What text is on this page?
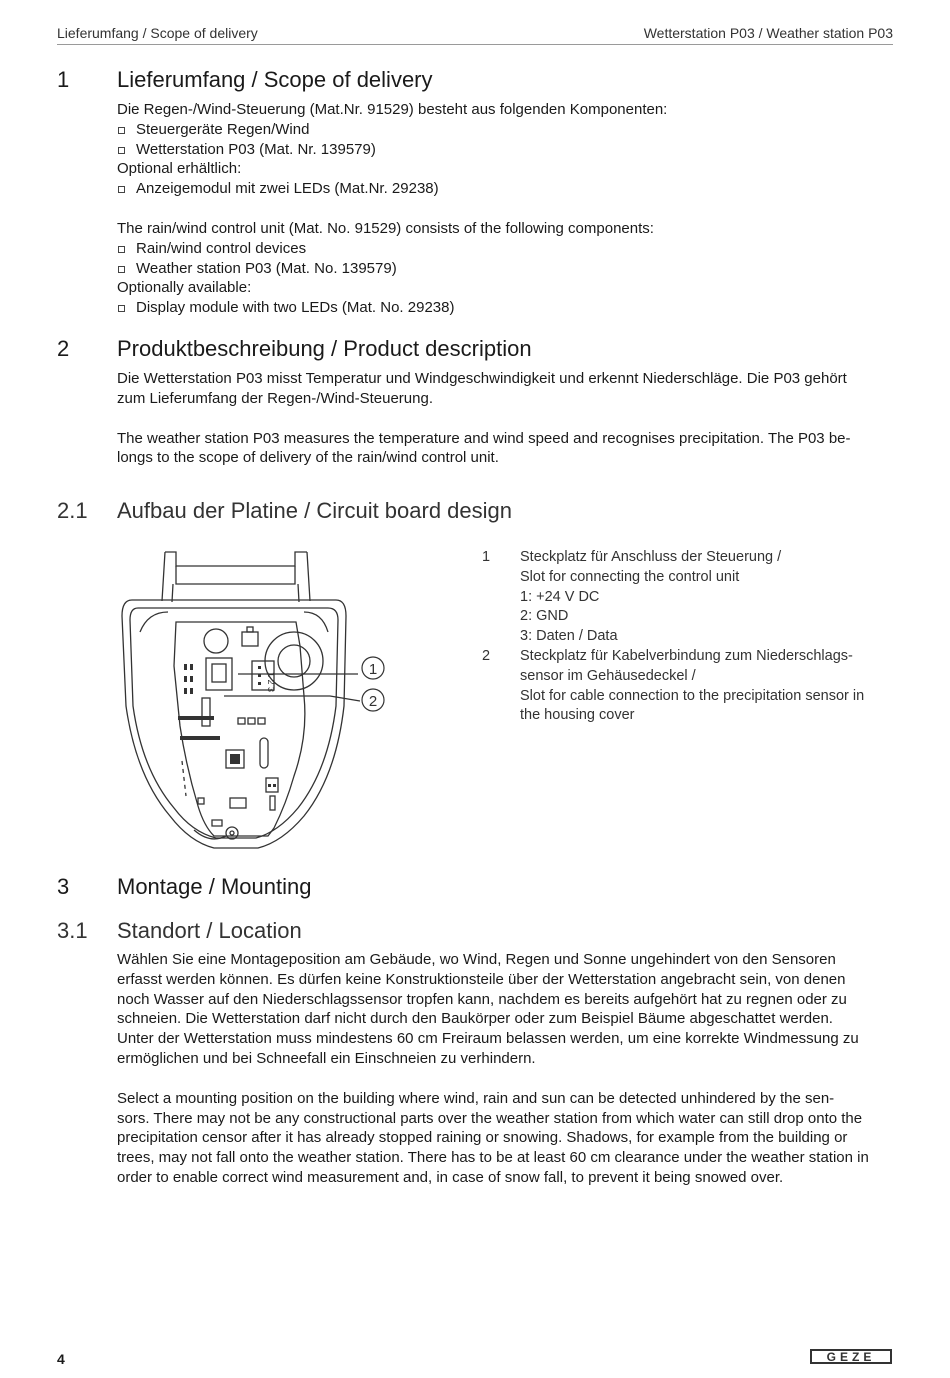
Lieferumfang / Scope of delivery	Wetterstation P03 / Weather station P03
1 Lieferumfang / Scope of delivery

Die Regen-/Wind-Steuerung (Mat.Nr. 91529) besteht aus folgenden Komponenten:

Steuergeräte Regen/Wind
Wetterstation P03 (Mat. Nr. 139579)

Optional erhältlich:

Anzeigemodul mit zwei LEDs (Mat.Nr. 29238)

The rain/wind control unit (Mat. No. 91529) consists of the following components:

Rain/wind control devices
Weather station P03 (Mat. No. 139579)

Optionally available:

Display module with two LEDs (Mat. No. 29238)
2 Produktbeschreibung / Product description

Die Wetterstation P03 misst Temperatur und Windgeschwindigkeit und erkennt Niederschläge. Die P03 gehört

zum Lieferumfang der Regen-/Wind-Steuerung.

The weather station P03 measures the temperature and wind speed and recognises precipitation. The P03 be-

longs to the scope of delivery of the rain/wind control unit.

2.1 Aufbau der Platine / Circuit board design
1 2 3
1
2
1 Steckplatz für Anschluss der Steuerung /
Slot for connecting the control unit
1: +24 V DC
2: GND
3: Daten / Data
2 Steckplatz für Kabelverbindung zum Niederschlags-
sensor im Gehäusedeckel /
Slot for cable connection to the precipitation sensor in
the housing cover
3 Montage / Mounting
3.1 Standort / Location

Wählen Sie eine Montageposition am Gebäude, wo Wind, Regen und Sonne ungehindert von den Sensoren

erfasst werden können. Es dürfen keine Konstruktionsteile über der Wetterstation angebracht sein, von denen

noch Wasser auf den Niederschlagssensor tropfen kann, nachdem es bereits aufgehört hat zu regnen oder zu

schneien. Die Wetterstation darf nicht durch den Baukörper oder zum Beispiel Bäume abgeschattet werden.

Unter der Wetterstation muss mindestens 60 cm Freiraum belassen werden, um eine korrekte Windmessung zu

ermöglichen und bei Schneefall ein Einschneien zu verhindern.

Select a mounting position on the building where wind, rain and sun can be detected unhindered by the sen-

sors. There may not be any constructional parts over the weather station from which water can still drop onto the

precipitation censor after it has already stopped raining or snowing. Shadows, for example from the building or

trees, may not fall onto the weather station. There has to be at least 60 cm clearance under the weather station in

order to enable correct wind measurement and, in case of snow fall, to prevent it being snowed over.

4	GEZE
